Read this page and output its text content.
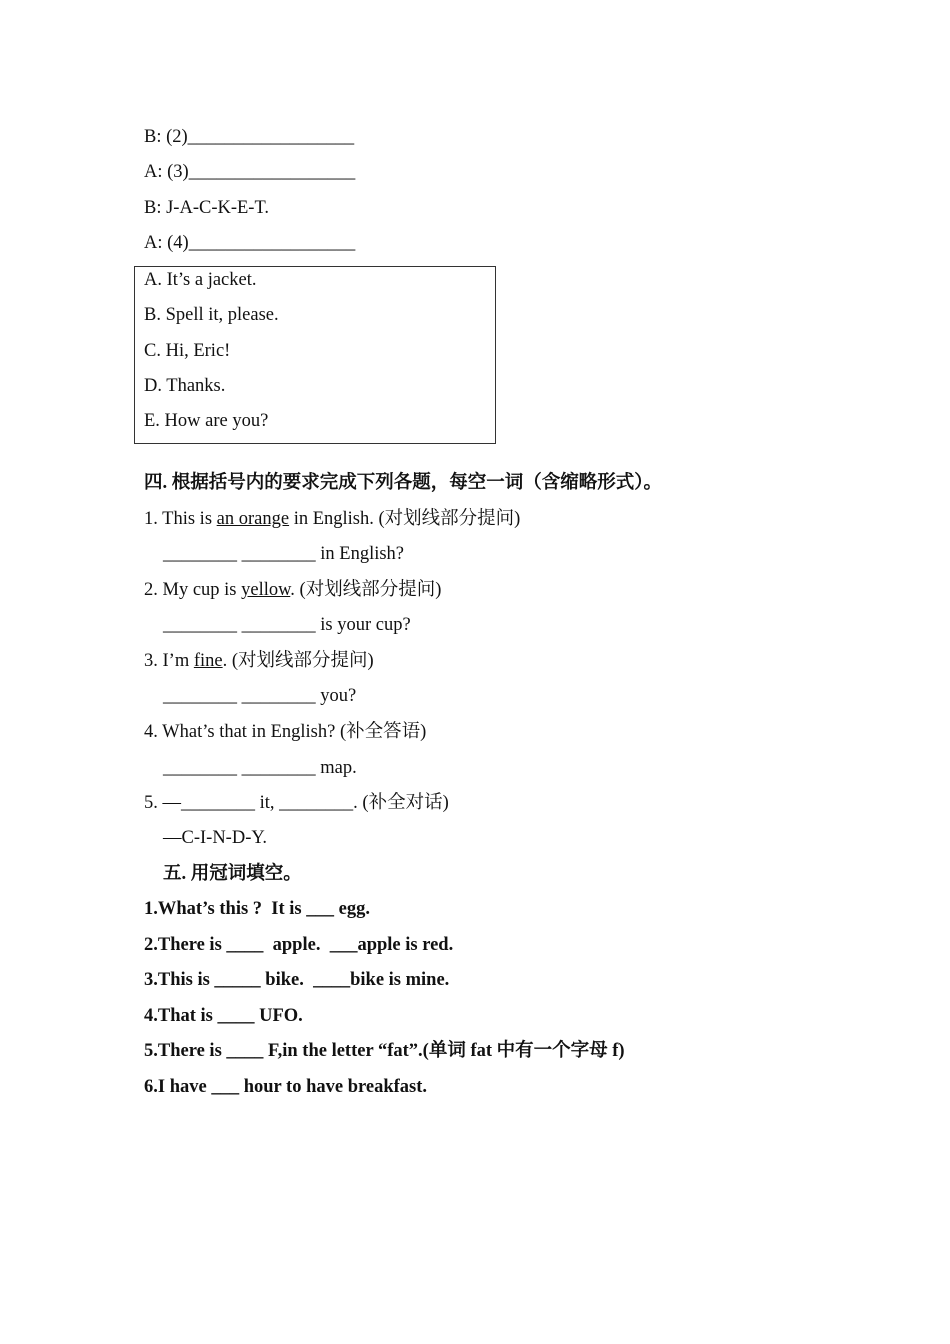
B: (2)__________________
A: (3)__________________
B: J-A-C-K-E-T.
A: (4)__________________
A. It’s a jacket.
B. Spell it, please.
C. Hi, Eric!
D. Thanks.
E. How are you?
四. 根据括号内的要求完成下列各题，每空一词（含缩略形式）。
1. This is an orange in English. (对划线部分提问)
________ ________ in English?
2. My cup is yellow. (对划线部分提问)
________ ________ is your cup?
3. I’m fine. (对划线部分提问)
________ ________ you?
4. What’s that in English? (补全答语)
________ ________ map.
5. —________ it, ________. (补全对话)
—C-I-N-D-Y.
五. 用冠词填空。
1.What’s this ?  It is ___ egg.
2.There is ____  apple.  ___apple is red.
3.This is _____ bike.  ____bike is mine.
4.That is ____ UFO.
5.There is ____ F,in the letter “fat”.(单词 fat 中有一个字母 f)
6.I have ___ hour to have breakfast.
